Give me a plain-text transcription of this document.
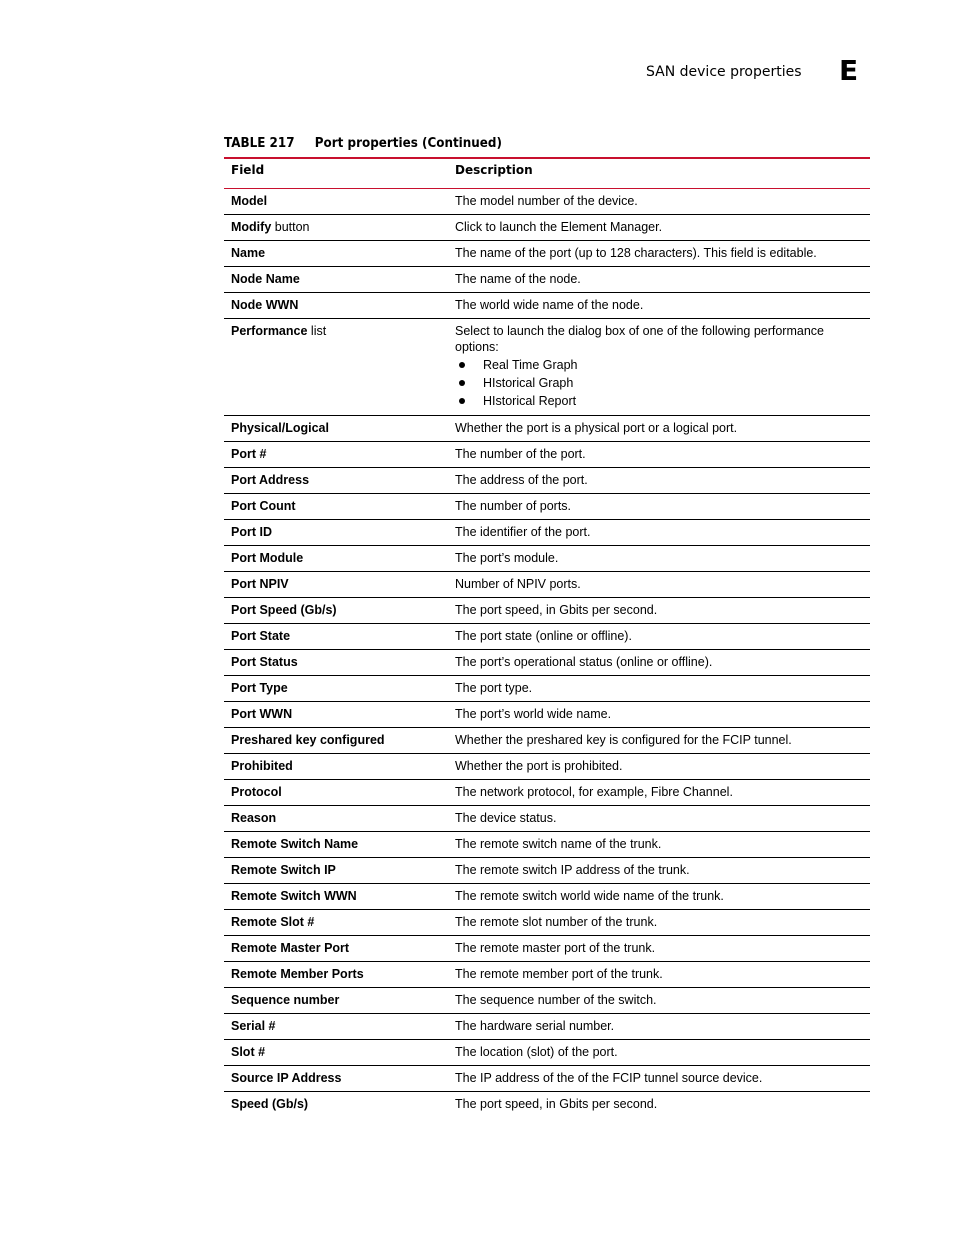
SAN device properties E
TABLE 217 Port properties (Continued)
Field	Description
Model	The model number of the device.
Modify button	Click to launch the Element Manager.
Name	The name of the port (up to 128 characters). This field is editable.
Node Name	The name of the node.
Node WWN	The world wide name of the node.
Performance list	Select to launch the dialog box of one of the following performance options:
Real Time Graph
HIstorical Graph
HIstorical Report
Physical/Logical	Whether the port is a physical port or a logical port.
Port #	The number of the port.
Port Address	The address of the port.
Port Count	The number of ports.
Port ID	The identifier of the port.
Port Module	The port’s module.
Port NPIV	Number of NPIV ports.
Port Speed (Gb/s)	The port speed, in Gbits per second.
Port State	The port state (online or offline).
Port Status	The port’s operational status (online or offline).
Port Type	The port type.
Port WWN	The port’s world wide name.
Preshared key configured	Whether the preshared key is configured for the FCIP tunnel.
Prohibited	Whether the port is prohibited.
Protocol	The network protocol, for example, Fibre Channel.
Reason	The device status.
Remote Switch Name	The remote switch name of the trunk.
Remote Switch IP	The remote switch IP address of the trunk.
Remote Switch WWN	The remote switch world wide name of the trunk.
Remote Slot #	The remote slot number of the trunk.
Remote Master Port	The remote master port of the trunk.
Remote Member Ports	The remote member port of the trunk.
Sequence number	The sequence number of the switch.
Serial #	The hardware serial number.
Slot #	The location (slot) of the port.
Source IP Address	The IP address of the of the FCIP tunnel source device.
Speed (Gb/s)	The port speed, in Gbits per second.
